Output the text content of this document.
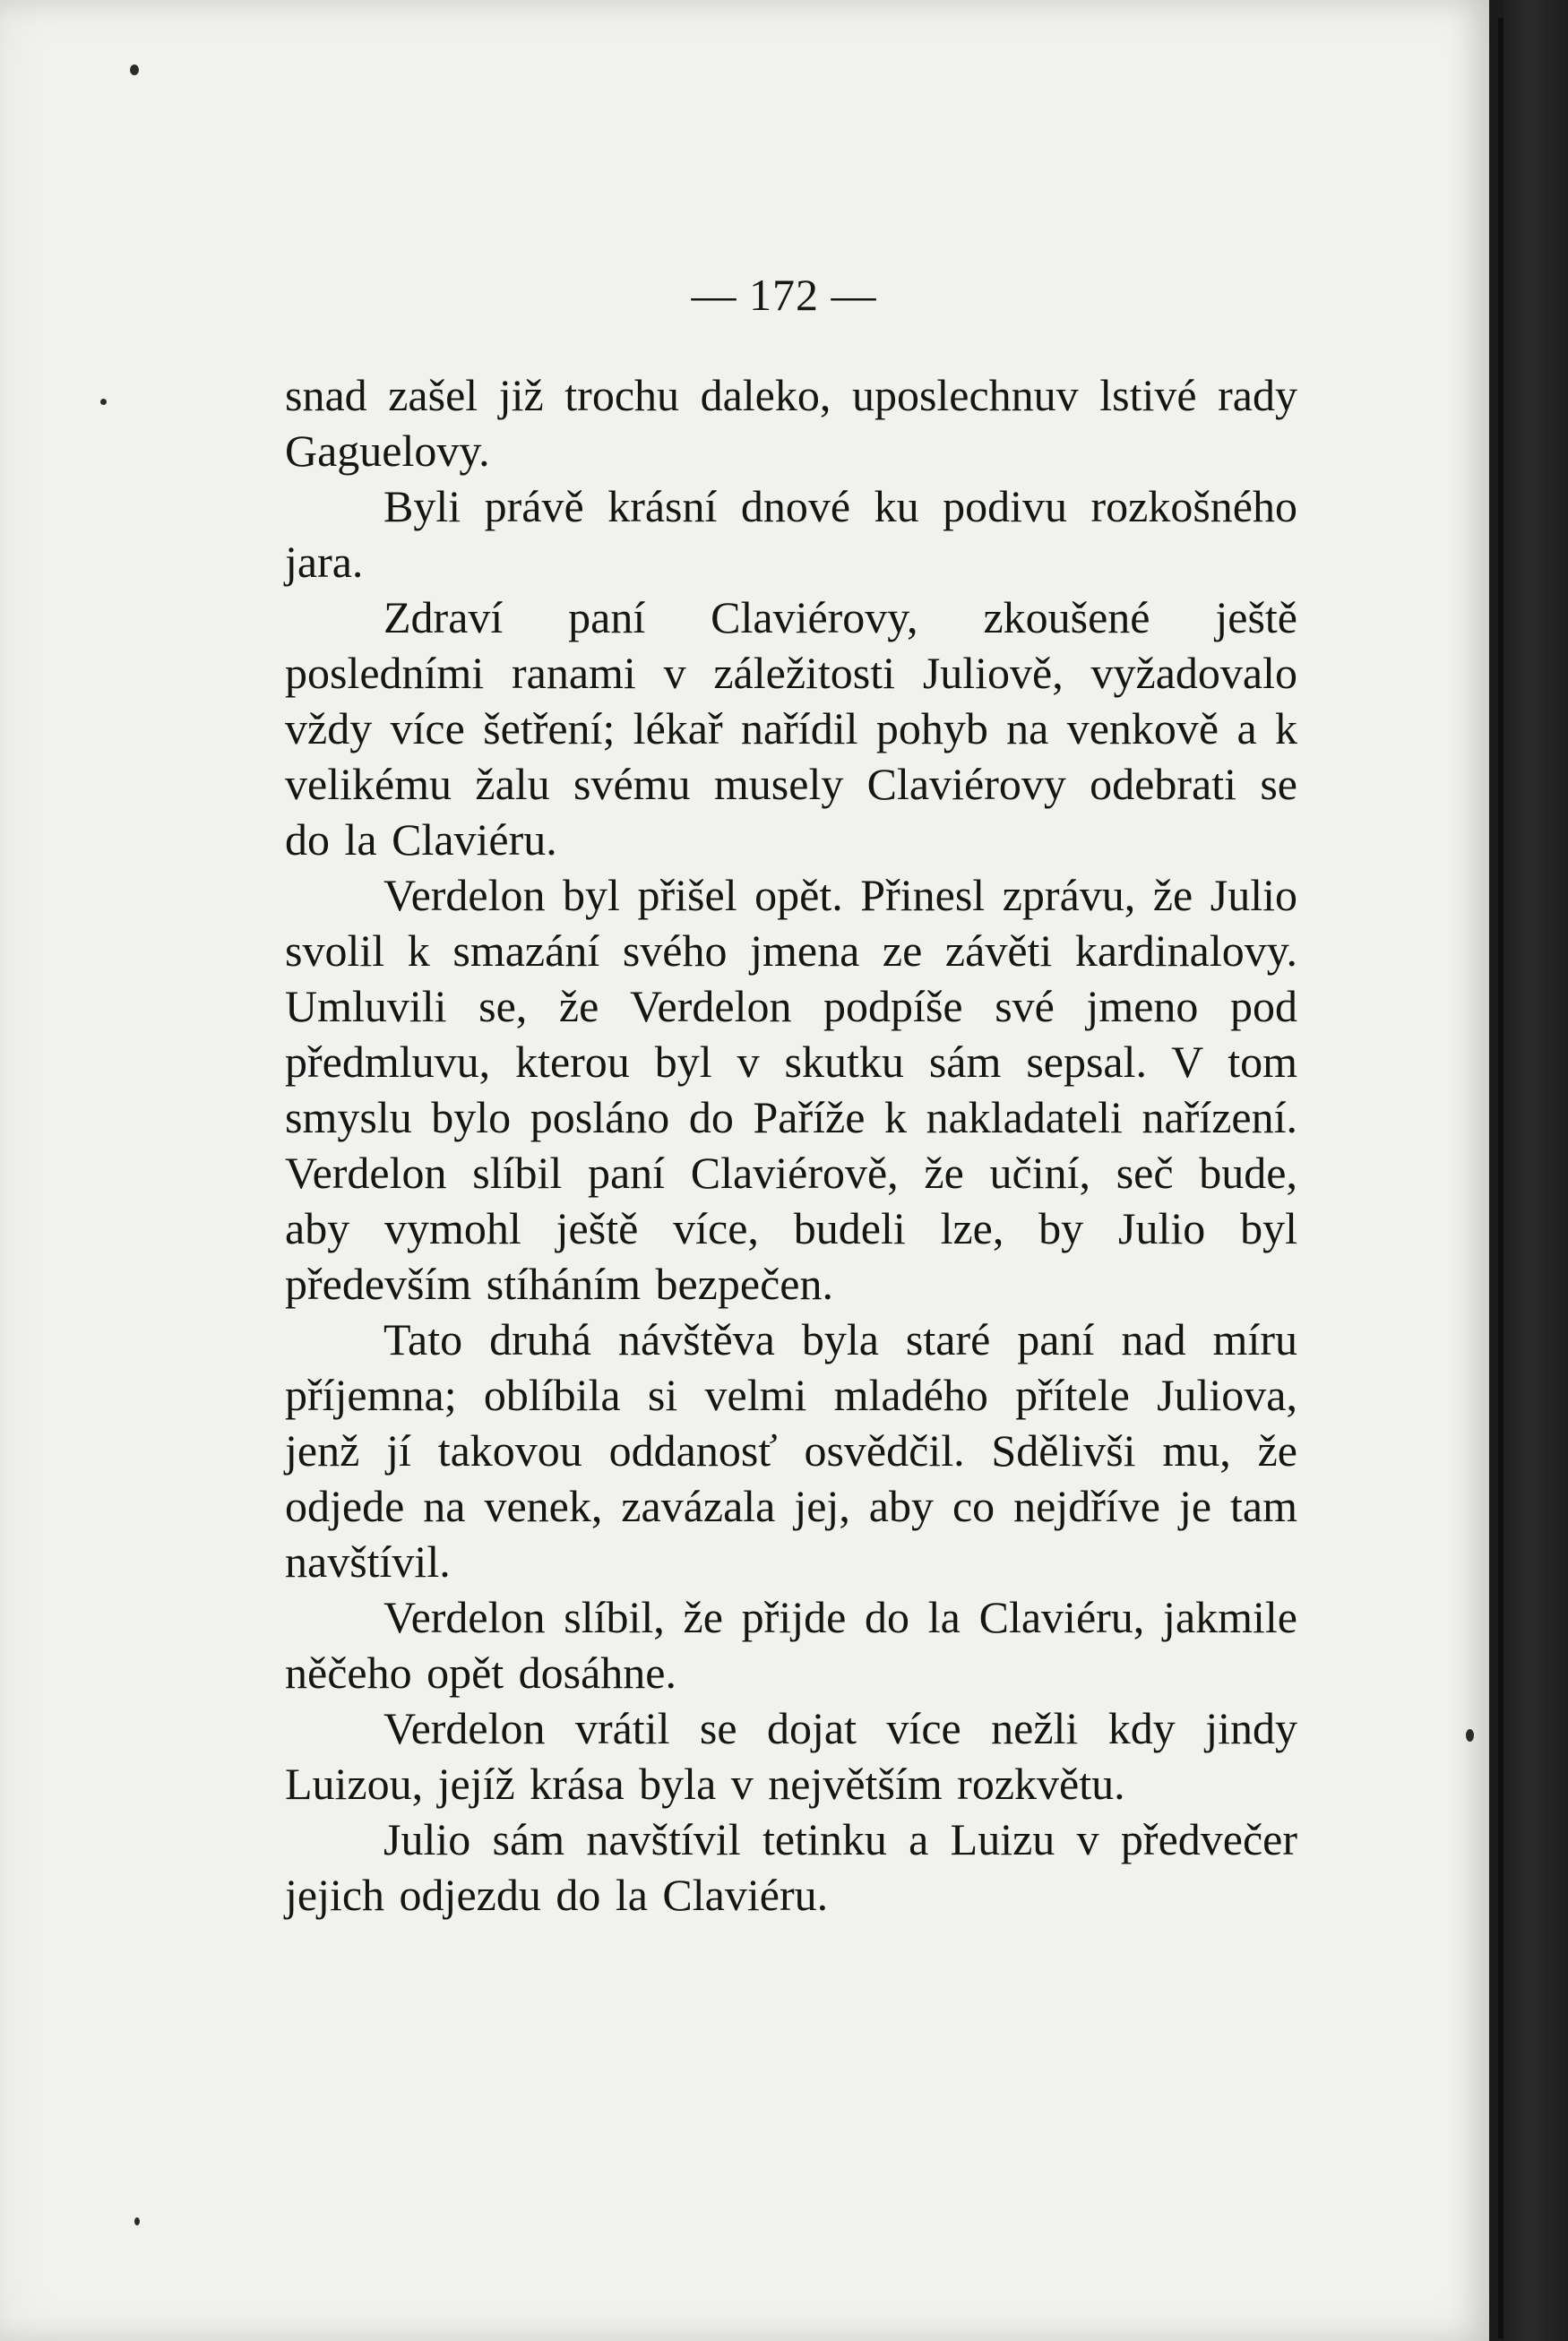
— 172 —

snad zašel již trochu daleko, uposlechnuv lstivé rady Gaguelovy.

Byli právě krásní dnové ku podivu rozkošného jara.

Zdraví paní Claviérovy, zkoušené ještě posledními ranami v záležitosti Juliově, vyžadovalo vždy více šetření; lékař nařídil pohyb na venkově a k velikému žalu svému musely Claviérovy odebrati se do la Claviéru.

Verdelon byl přišel opět. Přinesl zprávu, že Julio svolil k smazání svého jmena ze závěti kardinalovy. Umluvili se, že Verdelon podpíše své jmeno pod předmluvu, kterou byl v skutku sám sepsal. V tom smyslu bylo posláno do Paříže k nakladateli nařízení. Verdelon slíbil paní Claviérově, že učiní, seč bude, aby vymohl ještě více, budeli lze, by Julio byl především stíháním bezpečen.

Tato druhá návštěva byla staré paní nad míru příjemna; oblíbila si velmi mladého přítele Juliova, jenž jí takovou oddanosť osvědčil. Sdělivši mu, že odjede na venek, zavázala jej, aby co nejdříve je tam navštívil.

Verdelon slíbil, že přijde do la Claviéru, jakmile něčeho opět dosáhne.

Verdelon vrátil se dojat více nežli kdy jindy Luizou, jejíž krása byla v největším rozkvětu.

Julio sám navštívil tetinku a Luizu v předvečer jejich odjezdu do la Claviéru.
